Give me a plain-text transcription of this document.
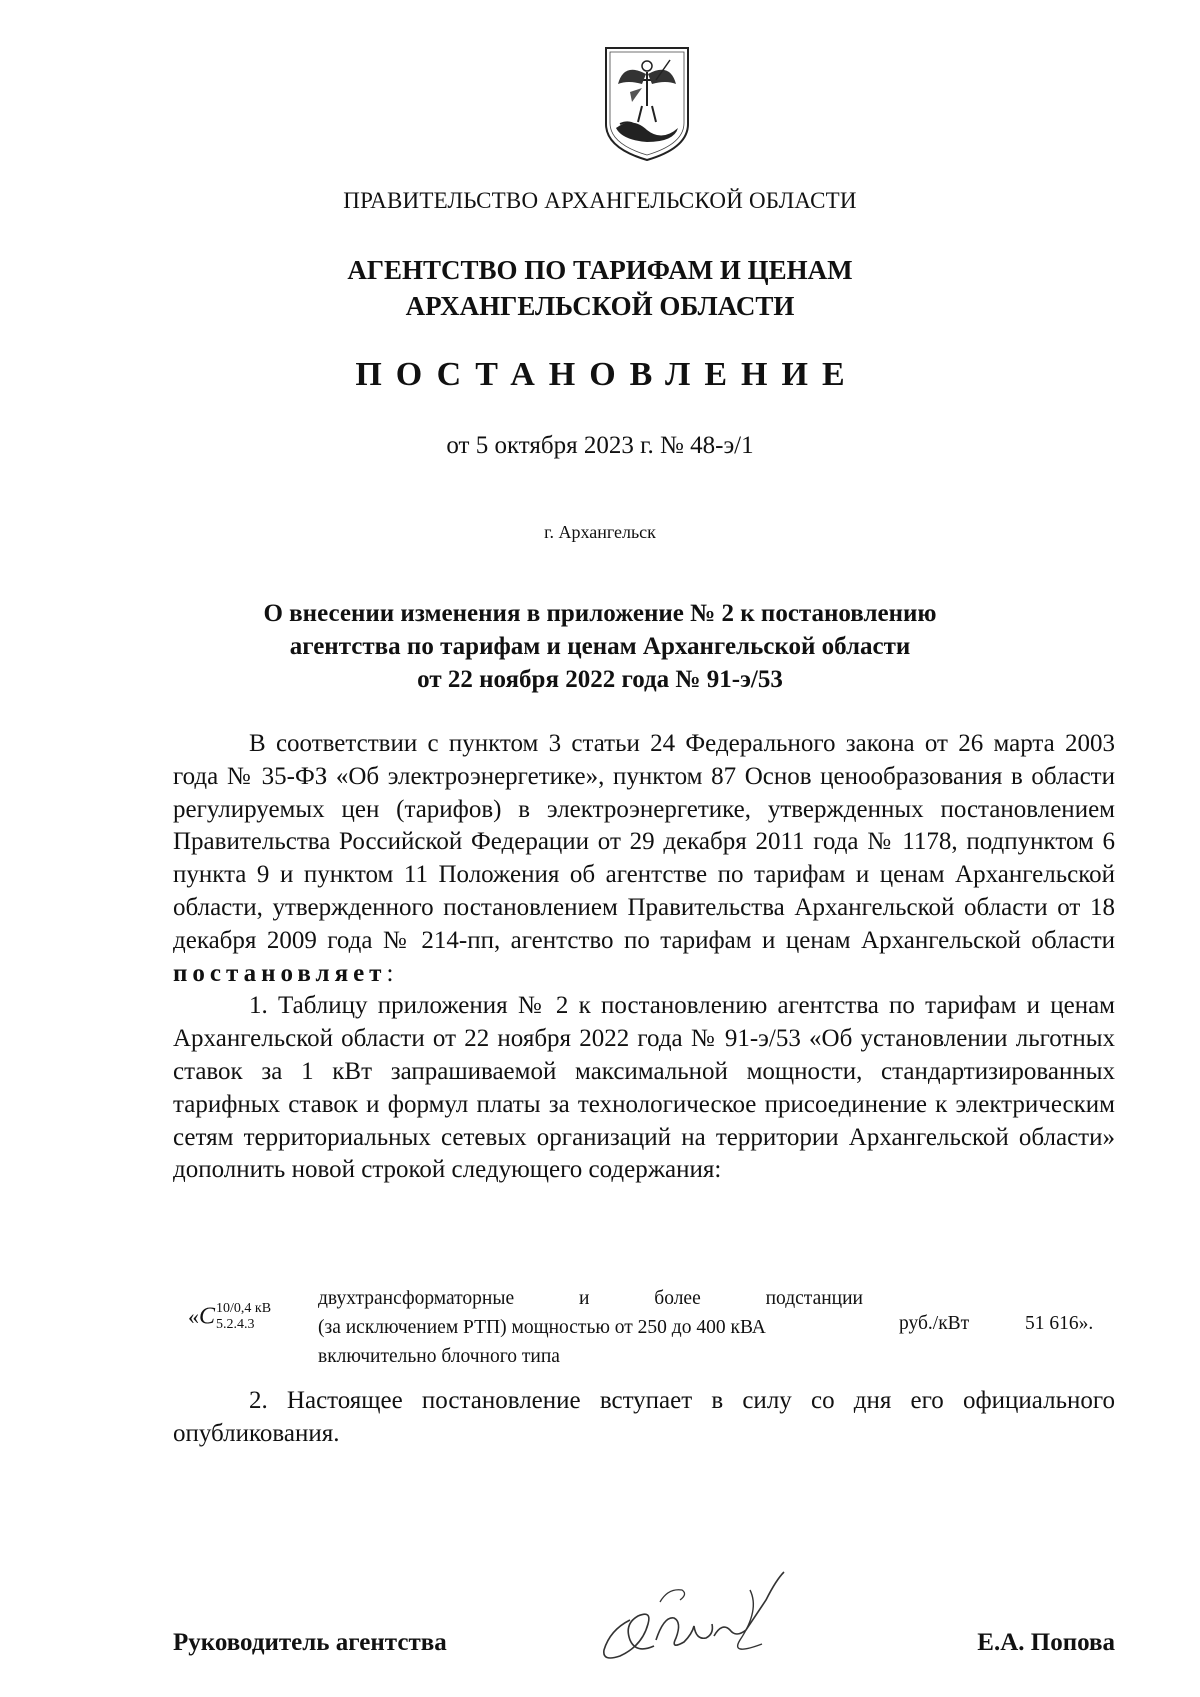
ПРАВИТЕЛЬСТВО АРХАНГЕЛЬСКОЙ ОБЛАСТИ
АГЕНТСТВО ПО ТАРИФАМ И ЦЕНАМ
АРХАНГЕЛЬСКОЙ ОБЛАСТИ
ПОСТАНОВЛЕНИЕ
от 5 октября 2023 г. № 48-э/1
г. Архангельск
О внесении изменения в приложение № 2 к постановлению
агентства по тарифам и ценам Архангельской области
от 22 ноября 2022 года № 91-э/53

В соответствии с пунктом 3 статьи 24 Федерального закона от 26 марта 2003 года № 35-ФЗ «Об электроэнергетике», пунктом 87 Основ ценообразования в области регулируемых цен (тарифов) в электроэнергетике, утвержденных постановлением Правительства Российской Федерации от 29 декабря 2011 года № 1178, подпунктом 6 пункта 9 и пунктом 11 Положения об агентстве по тарифам и ценам Архангельской области, утвержденного постановлением Правительства Архангельской области от 18 декабря 2009 года № 214-пп, агентство по тарифам и ценам Архангельской области постановляет:

1. Таблицу приложения № 2 к постановлению агентства по тарифам и ценам Архангельской области от 22 ноября 2022 года № 91-э/53 «Об установлении льготных ставок за 1 кВт запрашиваемой максимальной мощности, стандартизированных тарифных ставок и формул платы за технологическое присоединение к электрическим сетям территориальных сетевых организаций на территории Архангельской области» дополнить новой строкой следующего содержания:

«C 10/0,4 кВ
5.2.4.3
двухтрансформаторные	и	более	подстанции
(за исключением РТП) мощностью от 250 до 400 кВА
включительно блочного типа
руб./кВт	51 616».

2. Настоящее постановление вступает в силу со дня его официального опубликования.

Руководитель агентства	Е.А. Попова
